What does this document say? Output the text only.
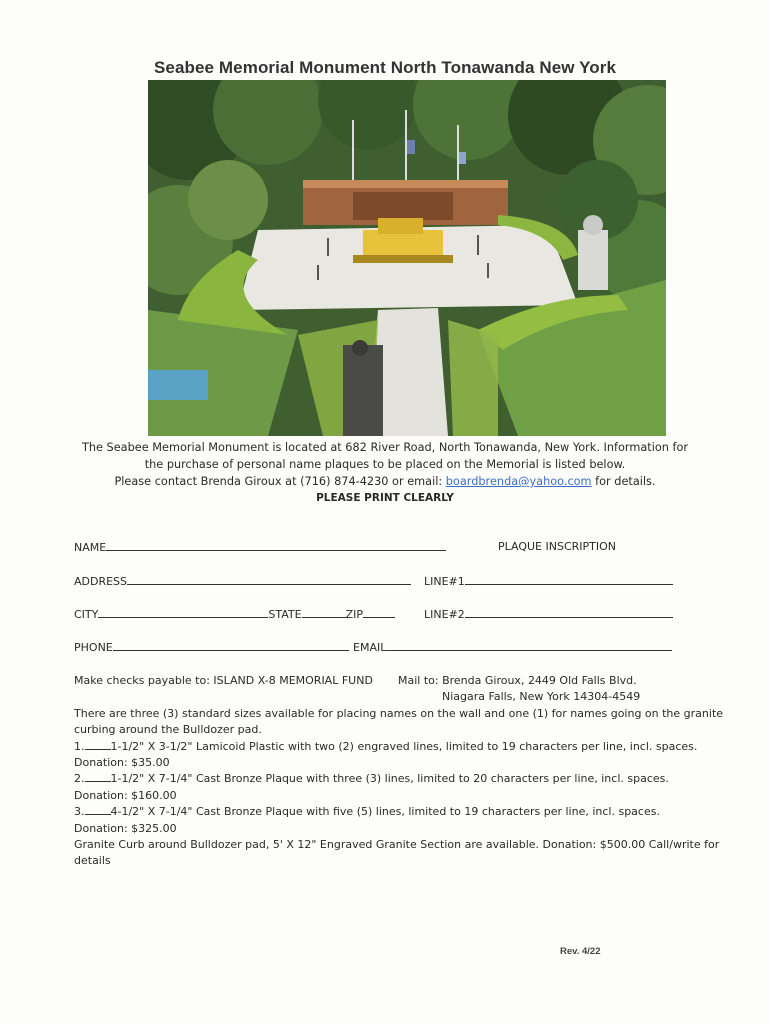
Seabee Memorial Monument North Tonawanda New York
The Seabee Memorial Monument is located at 682 River Road, North Tonawanda, New York. Information for
the purchase of personal name plaques to be placed on the Memorial is listed below.
Please contact Brenda Giroux at (716) 874-4230 or email: boardbrenda@yahoo.com for details.
PLEASE PRINT CLEARLY
NAME	PLAQUE INSCRIPTION
ADDRESS	LINE#1
CITY	STATE	ZIP	LINE#2
PHONE	EMAIL

Make checks payable to: ISLAND X-8 MEMORIAL FUND

There are three (3) standard sizes available for placing names on the wall and one (1) for names going on the granite curbing around the Bulldozer pad.

1. 1-1/2" X 3-1/2" Lamicoid Plastic with two (2) engraved lines, limited to 19 characters per line, incl. spaces.

Donation: $35.00

2. 1-1/2" X 7-1/4" Cast Bronze Plaque with three (3) lines, limited to 20 characters per line, incl. spaces.

Donation: $160.00

3. 4-1/2" X 7-1/4" Cast Bronze Plaque with five (5) lines, limited to 19 characters per line, incl. spaces.

Donation: $325.00

Granite Curb around Bulldozer pad, 5' X 12" Engraved Granite Section are available. Donation: $500.00 Call/write for details

Mail to: Brenda Giroux, 2449 Old Falls Blvd.
Niagara Falls, New York 14304-4549
Rev. 4/22
